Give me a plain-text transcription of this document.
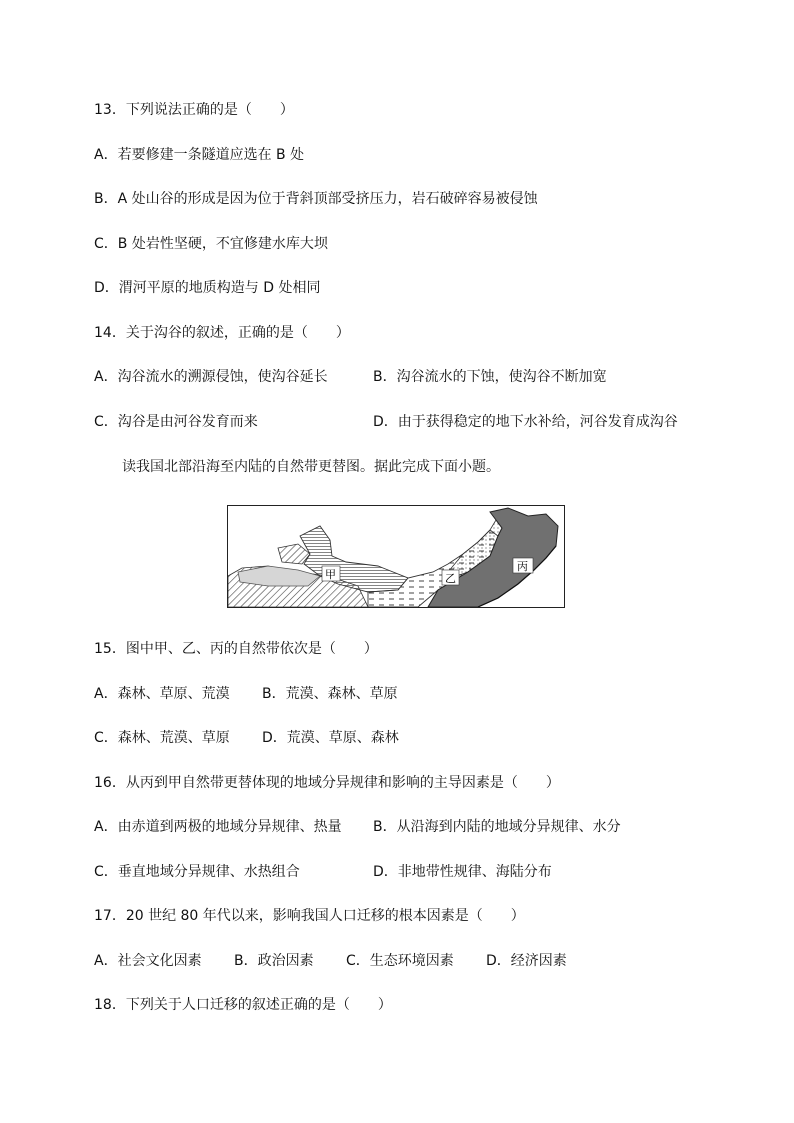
13．下列说法正确的是（　　）
A．若要修建一条隧道应选在 B 处
B．A 处山谷的形成是因为位于背斜顶部受挤压力，岩石破碎容易被侵蚀
C．B 处岩性坚硬，不宜修建水库大坝
D．渭河平原的地质构造与 D 处相同
14．关于沟谷的叙述，正确的是（　　）
A．沟谷流水的溯源侵蚀，使沟谷延长	B．沟谷流水的下蚀，使沟谷不断加宽
C．沟谷是由河谷发育而来	D．由于获得稳定的地下水补给，河谷发育成沟谷
读我国北部沿海至内陆的自然带更替图。据此完成下面小题。
甲	乙
丙
15．图中甲、乙、丙的自然带依次是（　　）
A．森林、草原、荒漠 B．荒漠、森林、草原
C．森林、荒漠、草原 D．荒漠、草原、森林
16．从丙到甲自然带更替体现的地域分异规律和影响的主导因素是（　　）
A．由赤道到两极的地域分异规律、热量 B．从沿海到内陆的地域分异规律、水分
C．垂直地域分异规律、水热组合	D．非地带性规律、海陆分布
17．20 世纪 80 年代以来，影响我国人口迁移的根本因素是（　　）
A．社会文化因素 B．政治因素 C．生态环境因素 D．经济因素
18．下列关于人口迁移的叙述正确的是（　　）
